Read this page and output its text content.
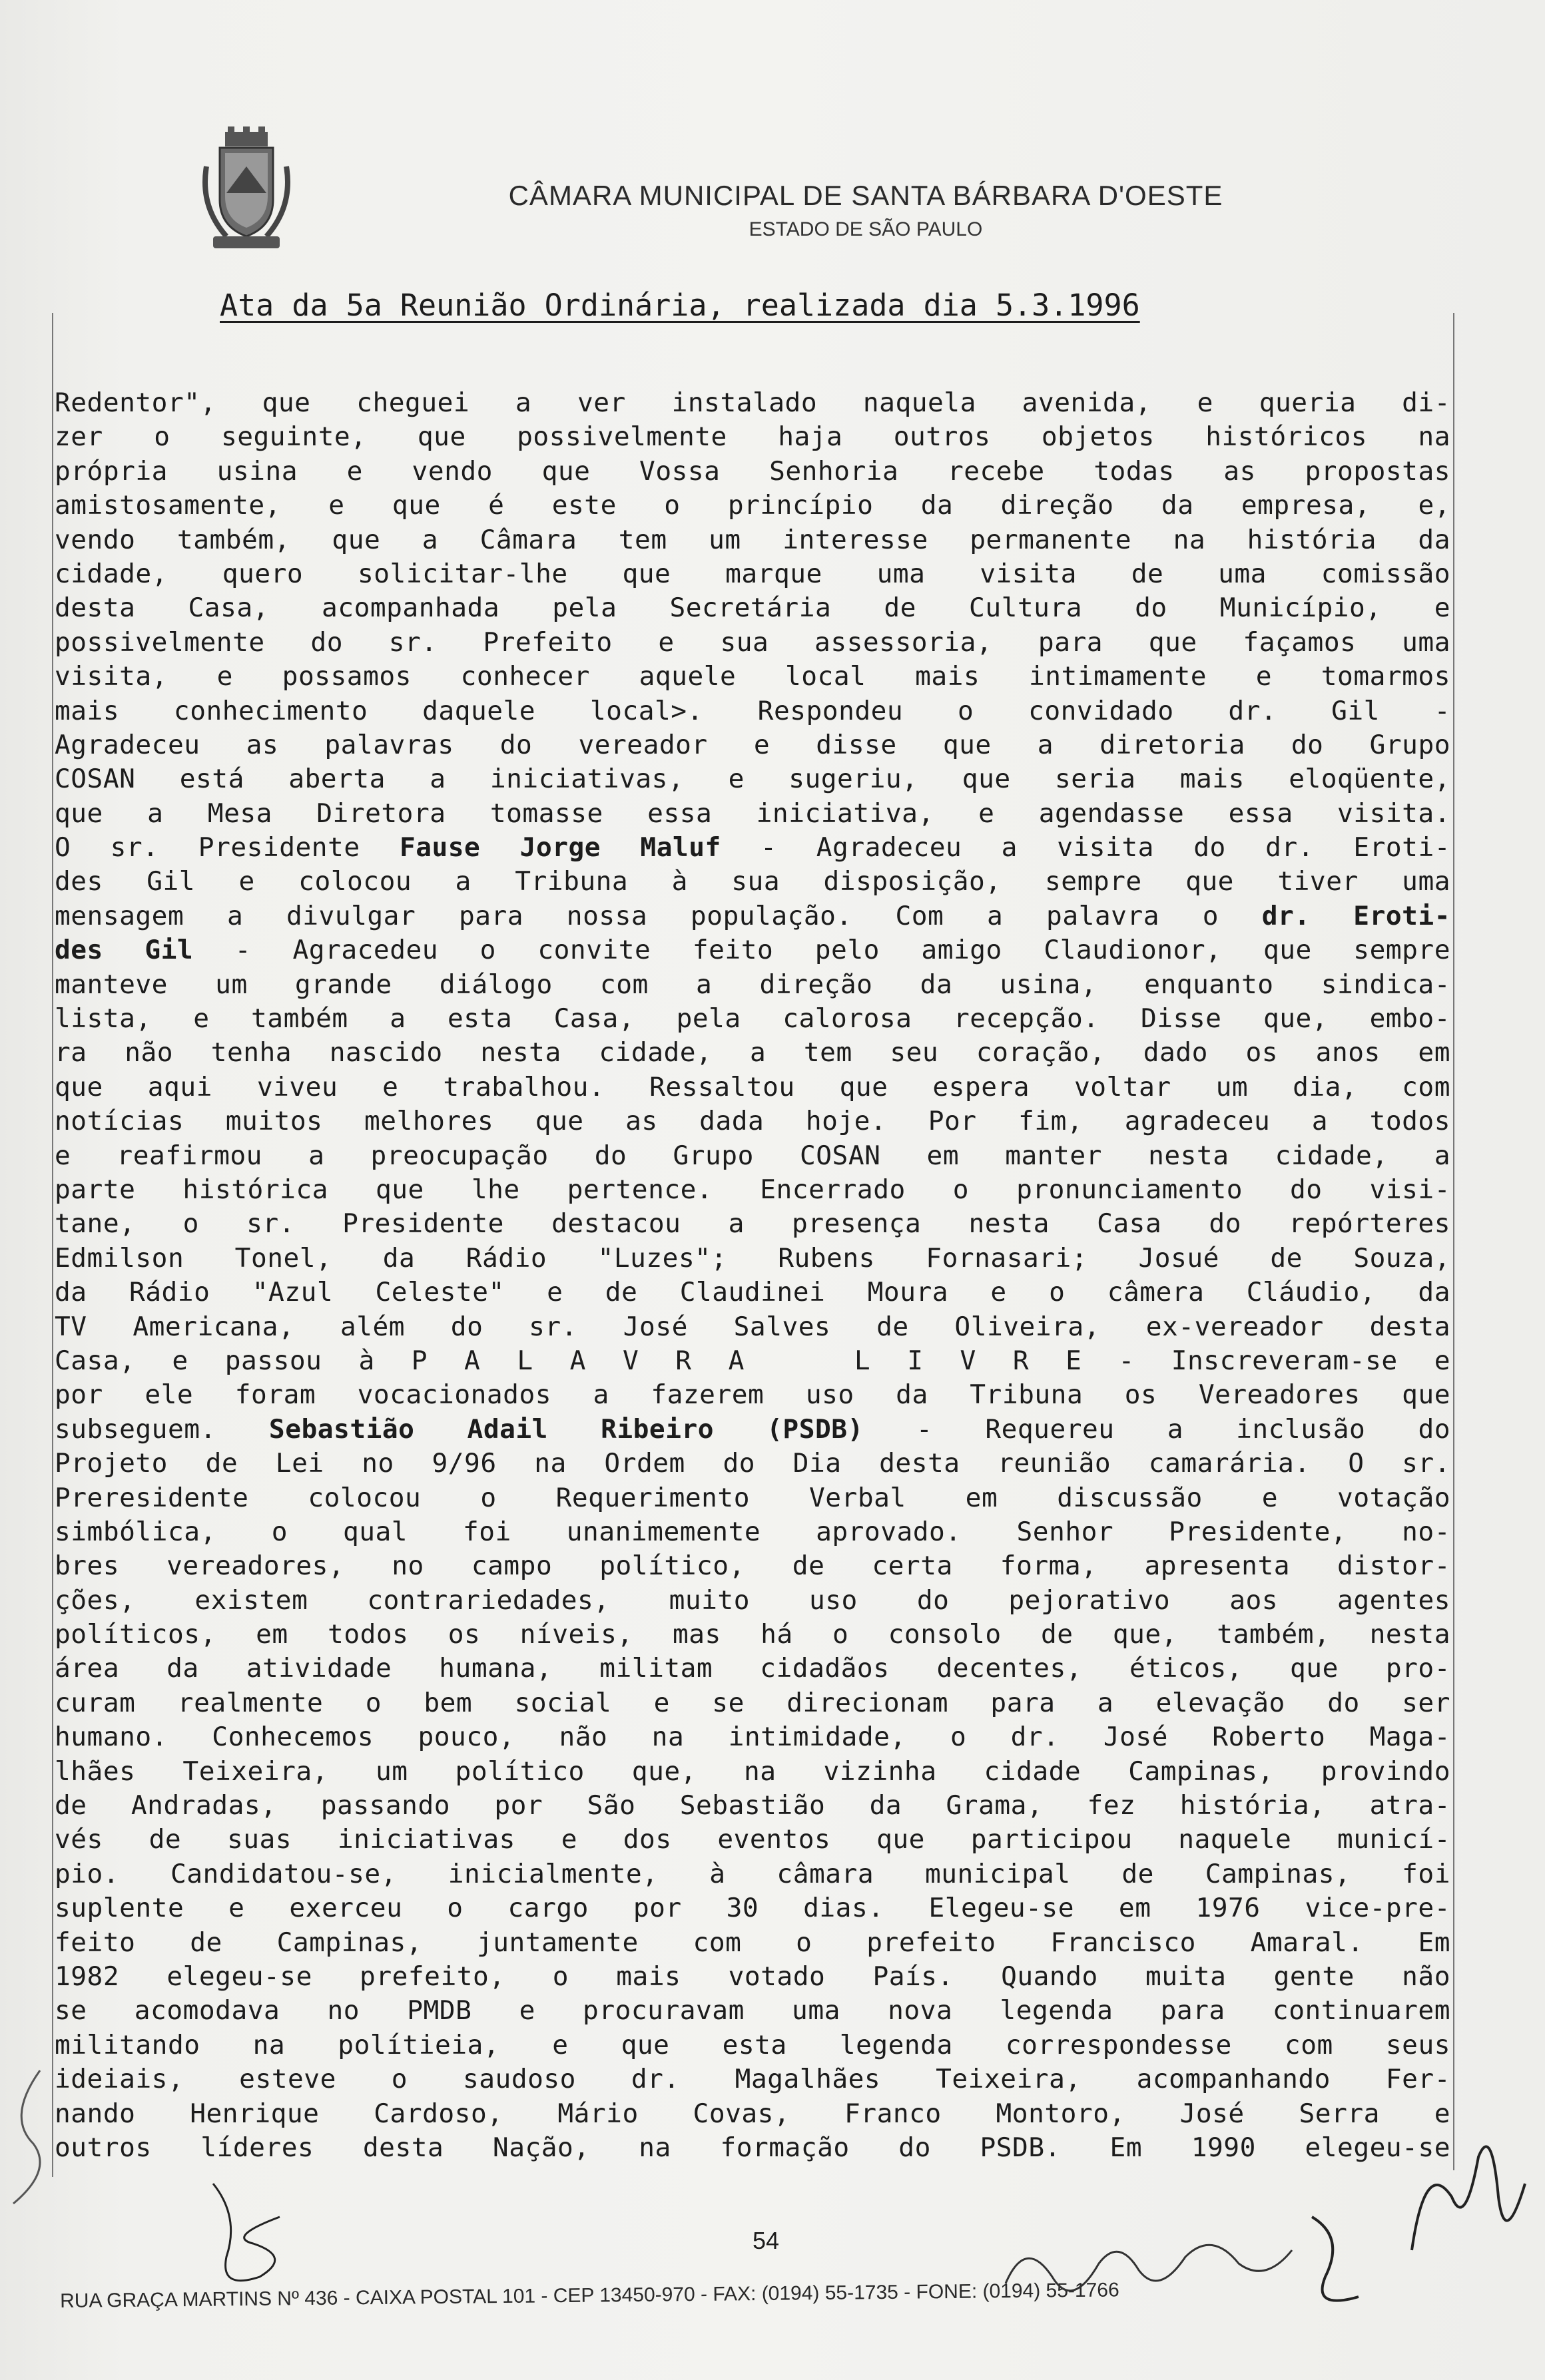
CÂMARA MUNICIPAL DE SANTA BÁRBARA D'OESTE
ESTADO DE SÃO PAULO
Ata da 5a Reunião Ordinária, realizada dia 5.3.1996
Redentor", que cheguei a ver instalado naquela avenida, e queria di-
zer o seguinte, que possivelmente haja outros objetos históricos na
própria usina e vendo que Vossa Senhoria recebe todas as propostas
amistosamente, e que é este o princípio da direção da empresa, e,
vendo também, que a Câmara tem um interesse permanente na história da
cidade, quero solicitar-lhe que marque uma visita de uma comissão
desta Casa, acompanhada pela Secretária de Cultura do Município, e
possivelmente do sr. Prefeito e sua assessoria, para que façamos uma
visita, e possamos conhecer aquele local mais intimamente e tomarmos
mais conhecimento daquele local>. Respondeu o convidado dr. Gil -
Agradeceu as palavras do vereador e disse que a diretoria do Grupo
COSAN está aberta a iniciativas, e sugeriu, que seria mais eloqüente,
que a Mesa Diretora tomasse essa iniciativa, e agendasse essa visita.
O sr. Presidente Fause Jorge Maluf - Agradeceu a visita do dr. Eroti-
des Gil e colocou a Tribuna à sua disposição, sempre que tiver uma
mensagem a divulgar para nossa população. Com a palavra o dr. Eroti-
des Gil - Agracedeu o convite feito pelo amigo Claudionor, que sempre
manteve um grande diálogo com a direção da usina, enquanto sindica-
lista, e também a esta Casa, pela calorosa recepção. Disse que, embo-
ra não tenha nascido nesta cidade, a tem seu coração, dado os anos em
que aqui viveu e trabalhou. Ressaltou que espera voltar um dia, com
notícias muitos melhores que as dada hoje. Por fim, agradeceu a todos
e reafirmou a preocupação do Grupo COSAN em manter nesta cidade, a
parte histórica que lhe pertence. Encerrado o pronunciamento do visi-
tane, o sr. Presidente destacou a presença nesta Casa do repórteres
Edmilson Tonel, da Rádio "Luzes"; Rubens Fornasari; Josué de Souza,
da Rádio "Azul Celeste" e de Claudinei Moura e o câmera Cláudio, da
TV Americana, além do sr. José Salves de Oliveira, ex-vereador desta
Casa, e passou à P A L A V R A   L I V R E - Inscreveram-se e
por ele foram vocacionados a fazerem uso da Tribuna os Vereadores que
subseguem. Sebastião Adail Ribeiro (PSDB) - Requereu a inclusão do
Projeto de Lei no 9/96 na Ordem do Dia desta reunião camarária. O sr.
Preresidente colocou o Requerimento Verbal em discussão e votação
simbólica, o qual foi unanimemente aprovado. Senhor Presidente, no-
bres vereadores, no campo político, de certa forma, apresenta distor-
ções, existem contrariedades, muito uso do pejorativo aos agentes
políticos, em todos os níveis, mas há o consolo de que, também, nesta
área da atividade humana, militam cidadãos decentes, éticos, que pro-
curam realmente o bem social e se direcionam para a elevação do ser
humano. Conhecemos pouco, não na intimidade, o dr. José Roberto Maga-
lhães Teixeira, um político que, na vizinha cidade Campinas, provindo
de Andradas, passando por São Sebastião da Grama, fez história, atra-
vés de suas iniciativas e dos eventos que participou naquele municí-
pio. Candidatou-se, inicialmente, à câmara municipal de Campinas, foi
suplente e exerceu o cargo por 30 dias. Elegeu-se em 1976 vice-pre-
feito de Campinas, juntamente com o prefeito Francisco Amaral. Em
1982 elegeu-se prefeito, o mais votado País. Quando muita gente não
se acomodava no PMDB e procuravam uma nova legenda para continuarem
militando na polítieia, e que esta legenda correspondesse com seus
ideiais, esteve o saudoso dr. Magalhães Teixeira, acompanhando Fer-
nando Henrique Cardoso, Mário Covas, Franco Montoro, José Serra e
outros líderes desta Nação, na formação do PSDB. Em 1990 elegeu-se
54
RUA GRAÇA MARTINS Nº 436 - CAIXA POSTAL 101 - CEP 13450-970 - FAX: (0194) 55-1735 - FONE: (0194) 55-1766
